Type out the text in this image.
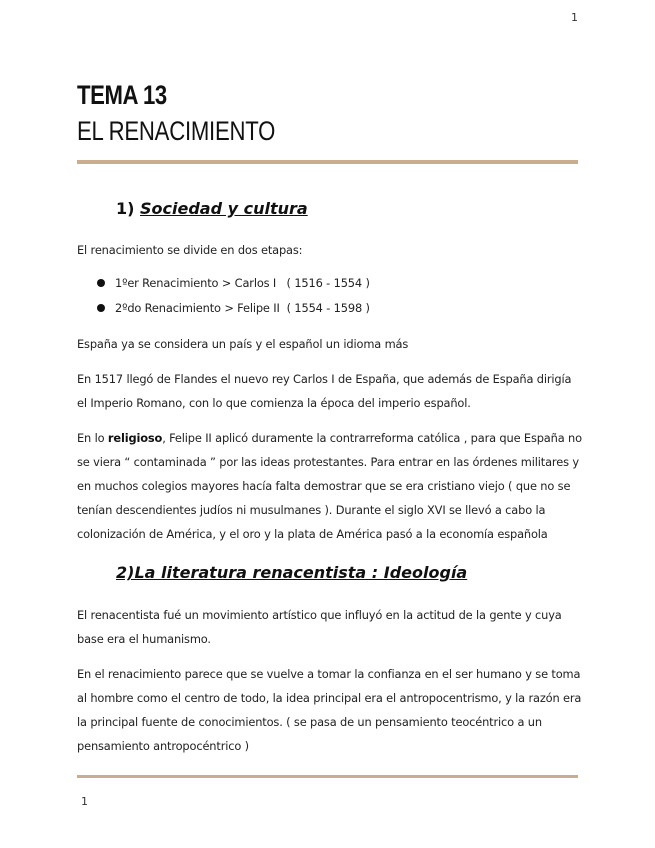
1
TEMA 13
EL RENACIMIENTO
1) Sociedad y cultura
El renacimiento se divide en dos etapas:
1ºer Renacimiento > Carlos I   ( 1516 - 1554 )
2ºdo Renacimiento > Felipe II  ( 1554 - 1598 )
España ya se considera un país y el español un idioma más
En 1517 llegó de Flandes el nuevo rey Carlos I de España, que además de España dirigía el Imperio Romano, con lo que comienza la época del imperio español.
En lo religioso, Felipe II aplicó duramente la contrarreforma católica , para que España no se viera “ contaminada ” por las ideas protestantes. Para entrar en las órdenes militares y en muchos colegios mayores hacía falta demostrar que se era cristiano viejo ( que no se tenían descendientes judíos ni musulmanes ). Durante el siglo XVI se llevó a cabo la colonización de América, y el oro y la plata de América pasó a la economía española
2)La literatura renacentista : Ideología
El renacentista fué un movimiento artístico que influyó en la actitud de la gente y cuya base era el humanismo.
En el renacimiento parece que se vuelve a tomar la confianza en el ser humano y se toma al hombre como el centro de todo, la idea principal era el antropocentrismo, y la razón era la principal fuente de conocimientos. ( se pasa de un pensamiento teocéntrico a un pensamiento antropocéntrico )
1
